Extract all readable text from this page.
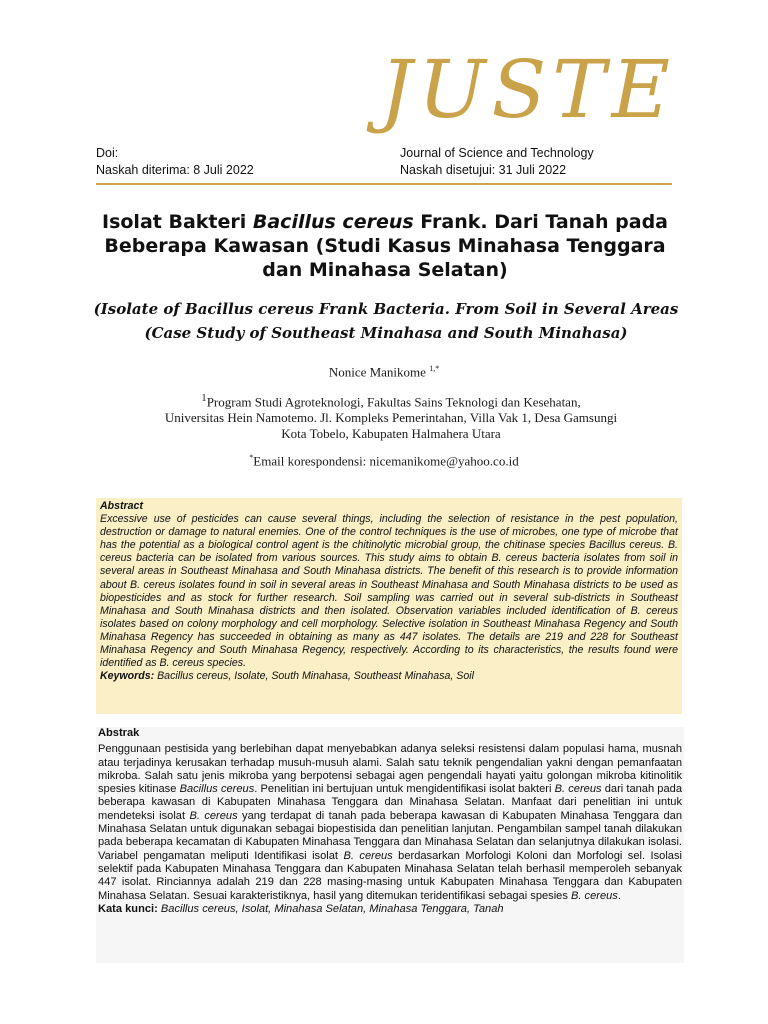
JUSTE
Doi:
Naskah diterima: 8 Juli 2022
Journal of Science and Technology
Naskah disetujui: 31 Juli 2022
Isolat Bakteri Bacillus cereus Frank. Dari Tanah pada Beberapa Kawasan (Studi Kasus Minahasa Tenggara dan Minahasa Selatan)
(Isolate of Bacillus cereus Frank Bacteria. From Soil in Several Areas
(Case Study of Southeast Minahasa and South Minahasa)
Nonice Manikome $^{1,*}$
$^1$Program Studi Agroteknologi, Fakultas Sains Teknologi dan Kesehatan,
Universitas Hein Namotemo. Jl. Kompleks Pemerintahan, Villa Vak 1, Desa Gamsungi
Kota Tobelo, Kabupaten Halmahera Utara
*Email korespondensi: nicemanikome@yahoo.co.id
Abstract
Excessive use of pesticides can cause several things, including the selection of resistance in the pest population, destruction or damage to natural enemies. One of the control techniques is the use of microbes, one type of microbe that has the potential as a biological control agent is the chitinolytic microbial group, the chitinase species Bacillus cereus. B. cereus bacteria can be isolated from various sources. This study aims to obtain B. cereus bacteria isolates from soil in several areas in Southeast Minahasa and South Minahasa districts. The benefit of this research is to provide information about B. cereus isolates found in soil in several areas in Southeast Minahasa and South Minahasa districts to be used as biopesticides and as stock for further research. Soil sampling was carried out in several sub-districts in Southeast Minahasa and South Minahasa districts and then isolated. Observation variables included identification of B. cereus isolates based on colony morphology and cell morphology. Selective isolation in Southeast Minahasa Regency and South Minahasa Regency has succeeded in obtaining as many as 447 isolates. The details are 219 and 228 for Southeast Minahasa Regency and South Minahasa Regency, respectively. According to its characteristics, the results found were identified as B. cereus species.
Keywords: Bacillus cereus, Isolate, South Minahasa, Southeast Minahasa, Soil
Abstrak
Penggunaan pestisida yang berlebihan dapat menyebabkan adanya seleksi resistensi dalam populasi hama, musnah atau terjadinya kerusakan terhadap musuh-musuh alami. Salah satu teknik pengendalian yakni dengan pemanfaatan mikroba. Salah satu jenis mikroba yang berpotensi sebagai agen pengendali hayati yaitu golongan mikroba kitinolitik spesies kitinase Bacillus cereus. Penelitian ini bertujuan untuk mengidentifikasi isolat bakteri B. cereus dari tanah pada beberapa kawasan di Kabupaten Minahasa Tenggara dan Minahasa Selatan. Manfaat dari penelitian ini untuk mendeteksi isolat B. cereus yang terdapat di tanah pada beberapa kawasan di Kabupaten Minahasa Tenggara dan Minahasa Selatan untuk digunakan sebagai biopestisida dan penelitian lanjutan. Pengambilan sampel tanah dilakukan pada beberapa kecamatan di Kabupaten Minahasa Tenggara dan Minahasa Selatan dan selanjutnya dilakukan isolasi. Variabel pengamatan meliputi Identifikasi isolat B. cereus berdasarkan Morfologi Koloni dan Morfologi sel. Isolasi selektif pada Kabupaten Minahasa Tenggara dan Kabupaten Minahasa Selatan telah berhasil memperoleh sebanyak 447 isolat. Rinciannya adalah 219 dan 228 masing-masing untuk Kabupaten Minahasa Tenggara dan Kabupaten Minahasa Selatan. Sesuai karakteristiknya, hasil yang ditemukan teridentifikasi sebagai spesies B. cereus.
Kata kunci: Bacillus cereus, Isolat, Minahasa Selatan, Minahasa Tenggara, Tanah
